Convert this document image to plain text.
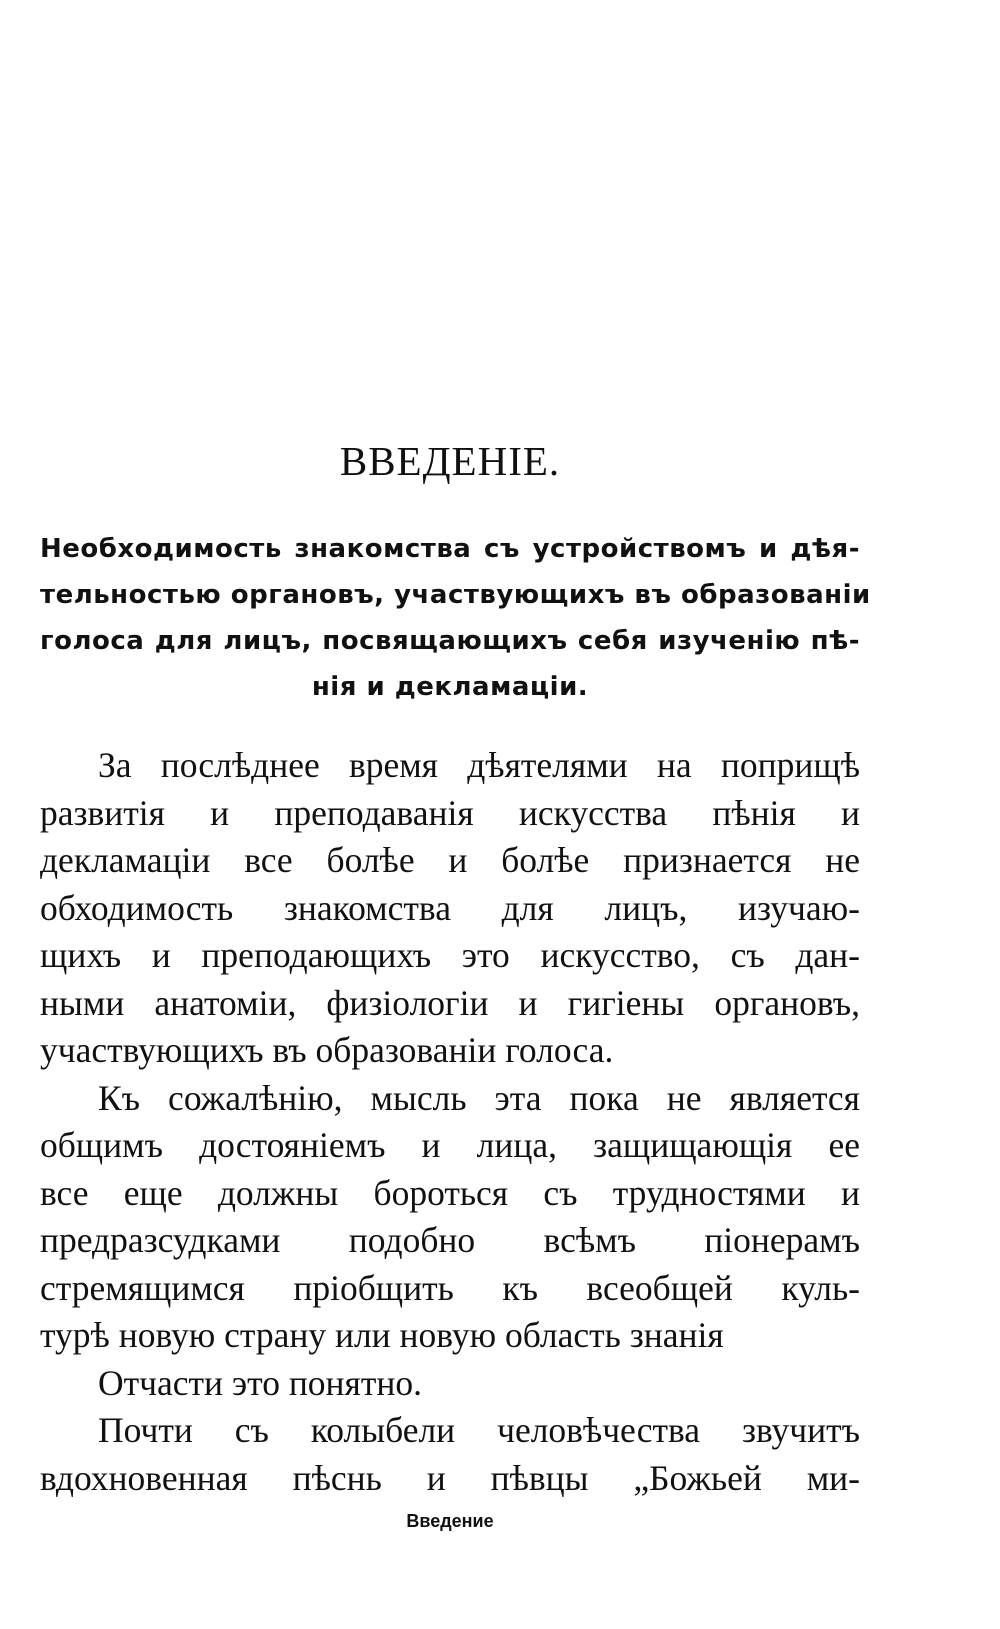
ВВЕДЕНІЕ.
Необходимость знакомства съ устройствомъ и дѣя-
тельностью органовъ, участвующихъ въ образованіи
голоса для лицъ, посвящающихъ себя изученію пѣ-
нія и декламаціи.
За послѣднее время дѣятелями на поприщѣ
развитія и преподаванія искусства пѣнія и
декламаціи все болѣе и болѣе признается не
обходимость знакомства для лицъ, изучаю-
щихъ и преподающихъ это искусство, съ дан-
ными анатоміи, физіологіи и гигіены органовъ,
участвующихъ въ образованіи голоса.
Къ сожалѣнію, мысль эта пока не является
общимъ достояніемъ и лица, защищающія ее
все еще должны бороться съ трудностями и
предразсудками подобно всѣмъ піонерамъ
стремящимся пріобщить къ всеобщей куль-
турѣ новую страну или новую область знанія
Отчасти это понятно.
Почти съ колыбели человѣчества звучитъ
вдохновенная пѣснь и пѣвцы „Божьей ми-
Введение
